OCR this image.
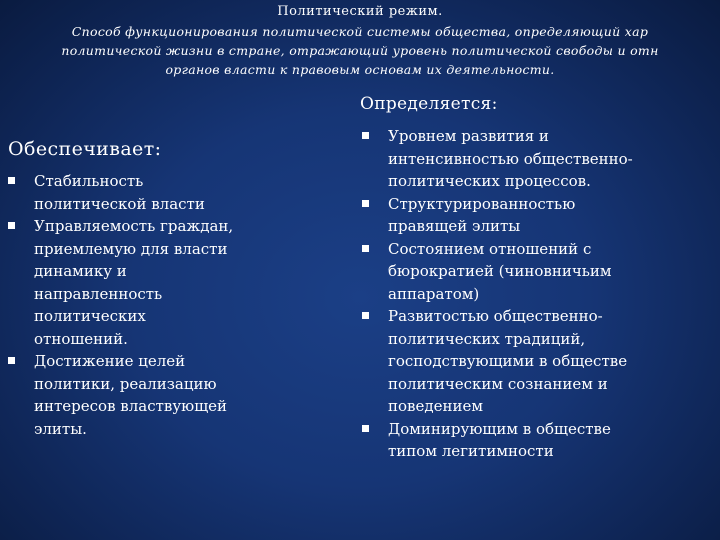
Политический режим.
Способ функционирования политической системы общества, определяющий хар
политической жизни в стране, отражающий уровень политической свободы и отн
органов власти к правовым основам их деятельности.
Определяется:
Обеспечивает:
Стабильность
политической власти
Управляемость граждан,
приемлемую для власти
динамику и
направленность
политических
отношений.
Достижение целей
политики, реализацию
интересов властвующей
элиты.
Уровнем развития и
интенсивностью общественно-
политических процессов.
Структурированностью
правящей элиты
Состоянием отношений с
бюрократией (чиновничьим
аппаратом)
Развитостью общественно-
политических традиций,
господствующими в обществе
политическим сознанием и
поведением
Доминирующим в обществе
типом легитимности
